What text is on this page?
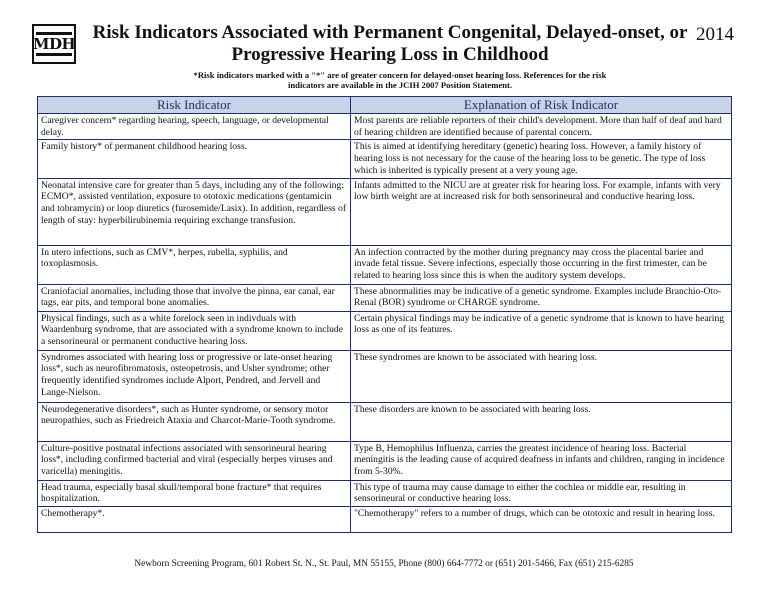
MDH
Risk Indicators Associated with Permanent Congenital, Delayed-onset, or
Progressive Hearing Loss in Childhood
2014
*Risk indicators marked with a "*" are of greater concern for delayed-onset hearing loss. References for the risk
indicators are available in the JCIH 2007 Position Statement.
Risk Indicator	Explanation of Risk Indicator
Caregiver concern* regarding hearing, speech, language, or developmental delay.	Most parents are reliable reporters of their child's development. More than half of deaf and hard of hearing children are identified because of parental concern.
Family history* of permanent childhood hearing loss.	This is aimed at identifying hereditary (genetic) hearing loss. However, a family history of hearing loss is not necessary for the cause of the hearing loss to be genetic. The type of loss which is inherited is typically present at a very young age.
Neonatal intensive care for greater than 5 days, including any of the following: ECMO*, assisted ventilation, exposure to ototoxic medications (gentamicin and tobramycin) or loop diuretics (furosemide/Lasix). In addition, regardless of length of stay: hyperbilirubinemia requiring exchange transfusion.	Infants admitted to the NICU are at greater risk for hearing loss. For example, infants with very low birth weight are at increased risk for both sensorineural and conductive hearing loss.
In utero infections, such as CMV*, herpes, rubella, syphilis, and toxoplasmosis.	An infection contracted by the mother during pregnancy may cross the placental barier and invade fetal tissue. Severe infections, especially those occurring in the first trimester, can be related to hearing loss since this is when the auditory system develops.
Craniofacial anomalies, including those that involve the pinna, ear canal, ear tags, ear pits, and temporal bone anomalies.	These abnormalities may be indicative of a genetic syndrome. Examples include Branchio-Oto-Renal (BOR) syndrome or CHARGE syndrome.
Physical findings, such as a white forelock seen in indivduals with Waardenburg syndrome, that are associated with a syndrome known to include a sensorineural or permanent conductive hearing loss.	Certain physical findings may be indicative of a genetic syndrome that is known to have hearing loss as one of its features.
Syndromes associated with hearing loss or progressive or late-onset hearing loss*, such as neurofibromatosis, osteopetrosis, and Usher syndrome; other frequently identified syndromes include Alport, Pendred, and Jervell and Lange-Nielson.	These syndromes are known to be associated with hearing loss.
Neurodegenerative disorders*, such as Hunter syndrome, or sensory motor neuropathies, such as Friedreich Ataxia and Charcot-Marie-Tooth syndrome.	These disorders are known to be associated with hearing loss.
Culture-positive postnatal infections associated with sensorineural hearing loss*, including confirmed bacterial and viral (especially herpes viruses and varicella) meningitis.	Type B, Hemophilus Influenza, carries the greatest incidence of hearing loss. Bacterial meningitis is the leading cause of acquired deafness in infants and children, ranging in incidence from 5-30%.
Head trauma, especially basal skull/temporal bone fracture* that requires hospitalization.	This type of trauma may cause damage to either the cochlea or middle ear, resulting in sensorineural or conductive hearing loss.
Chemotherapy*.	"Chemotherapy" refers to a number of drugs, which can be ototoxic and result in hearing loss.
Newborn Screening Program, 601 Robert St. N., St. Paul, MN 55155, Phone (800) 664-7772 or (651) 201-5466, Fax (651) 215-6285
